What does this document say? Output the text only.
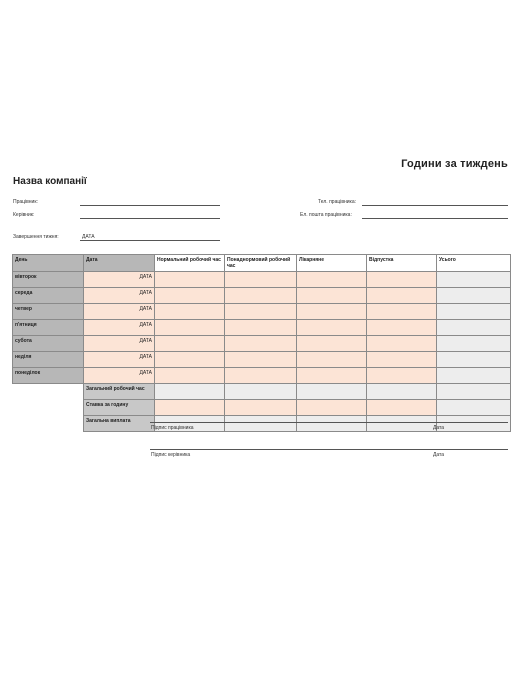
Години за тиждень
Назва компанії
Працівник:
Керівник:
Завершення тижня:	ДАТА
Тел. працівника:
Ел. пошта працівника:
День	Дата	Нормальний робочий час	Понаднормовий робочий час	Лікарняне	Відпустка	Усього
вівторок	ДАТА					
середа	ДАТА					
четвер	ДАТА					
п'ятниця	ДАТА					
субота	ДАТА					
неділя	ДАТА					
понеділок	ДАТА					
	Загальний робочий час					
	Ставка за годину					
	Загальна виплата					
Підпис працівника	Дата
Підпис керівника	Дата
